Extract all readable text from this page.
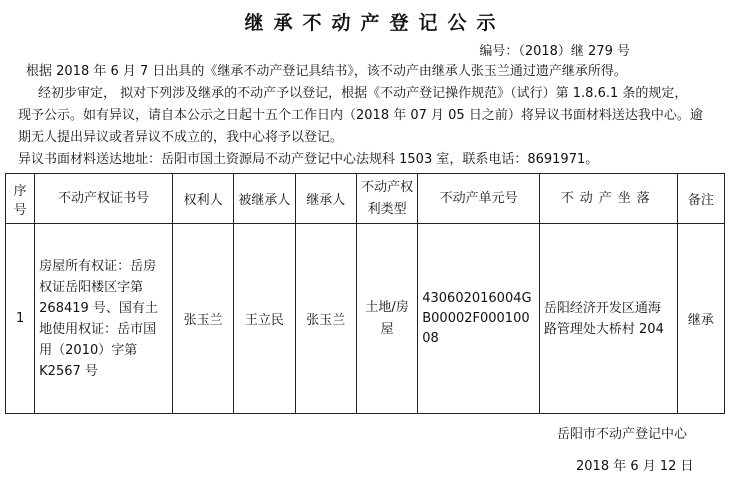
继承不动产登记公示
编号：（2018）继 279 号
根据 2018 年 6 月 7 日出具的《继承不动产登记具结书》，该不动产由继承人张玉兰通过遗产继承所得。
经初步审定， 拟对下列涉及继承的不动产予以登记，根据《不动产登记操作规范》（试行）第 1.8.6.1 条的规定，
现予公示。如有异议，请自本公示之日起十五个工作日内（2018 年 07 月 05 日之前）将异议书面材料送达我中心。逾
期无人提出异议或者异议不成立的，我中心将予以登记。
异议书面材料送达地址：岳阳市国土资源局不动产登记中心法规科 1503 室，联系电话：8691971。
序号	不动产权证书号	权利人	被继承人	继承人	不动产权利类型	不动产单元号	不动产坐落	备注
1	房屋所有权证：岳房权证岳阳楼区字第 268419 号、国有土地使用权证：岳市国用（2010）字第 K2567 号	张玉兰	王立民	张玉兰	土地/房屋	430602016004GB00002F00010008	岳阳经济开发区通海路管理处大桥村 204	继承
岳阳市不动产登记中心
2018 年 6 月 12 日
